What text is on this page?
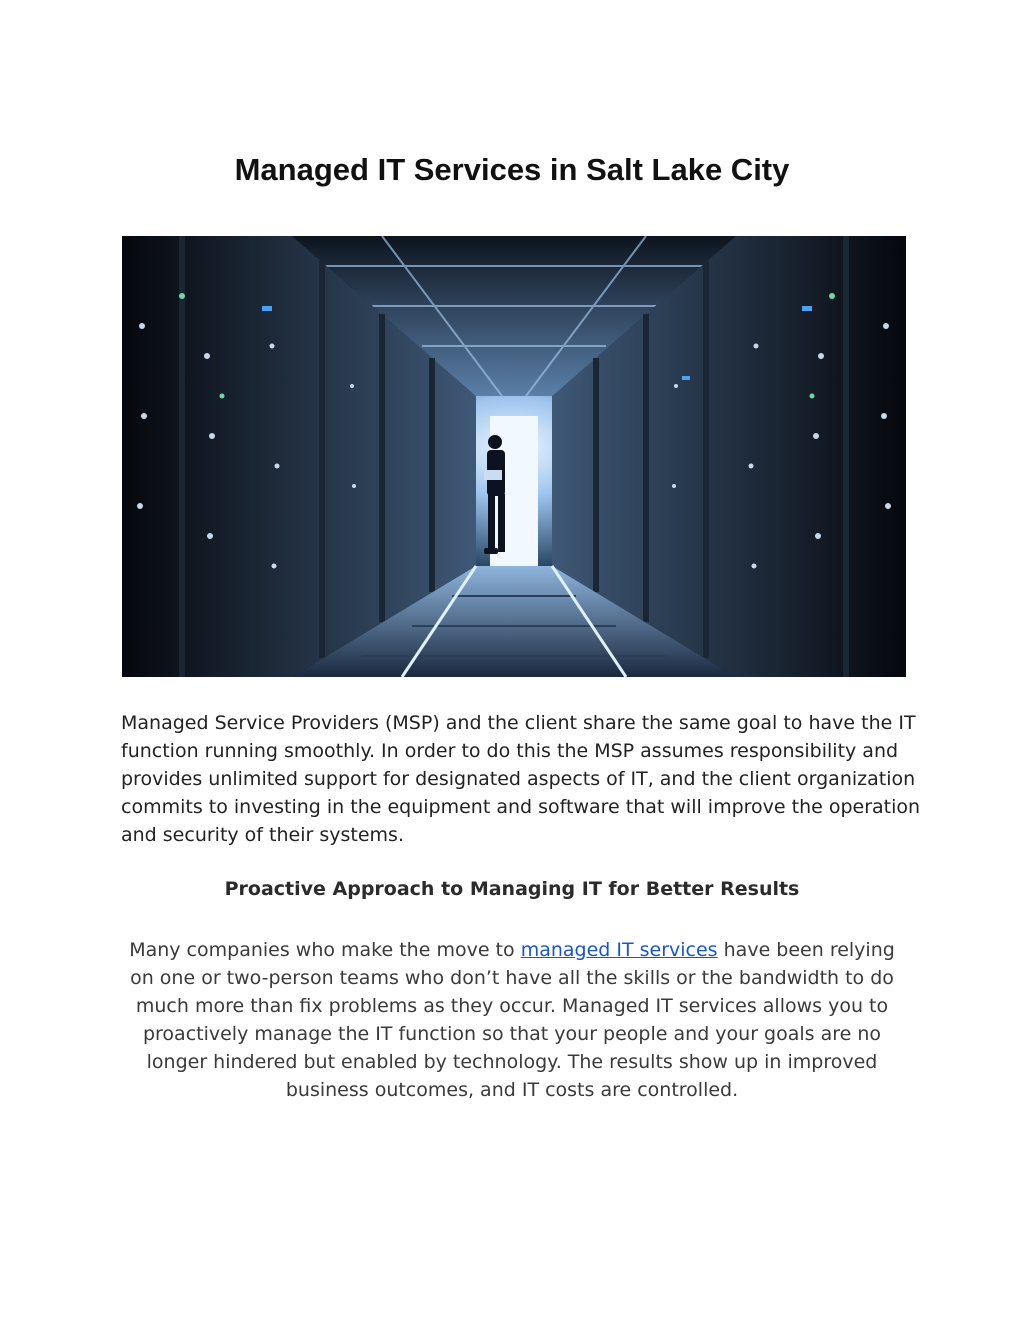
Managed IT Services in Salt Lake City

Managed Service Providers (MSP) and the client share the same goal to have the IT function running smoothly. In order to do this the MSP assumes responsibility and provides unlimited support for designated aspects of IT, and the client organization commits to investing in the equipment and software that will improve the operation and security of their systems.

Proactive Approach to Managing IT for Better Results

Many companies who make the move to managed IT services have been relying on one or two-person teams who don’t have all the skills or the bandwidth to do much more than fix problems as they occur. Managed IT services allows you to proactively manage the IT function so that your people and your goals are no longer hindered but enabled by technology. The results show up in improved business outcomes, and IT costs are controlled.
